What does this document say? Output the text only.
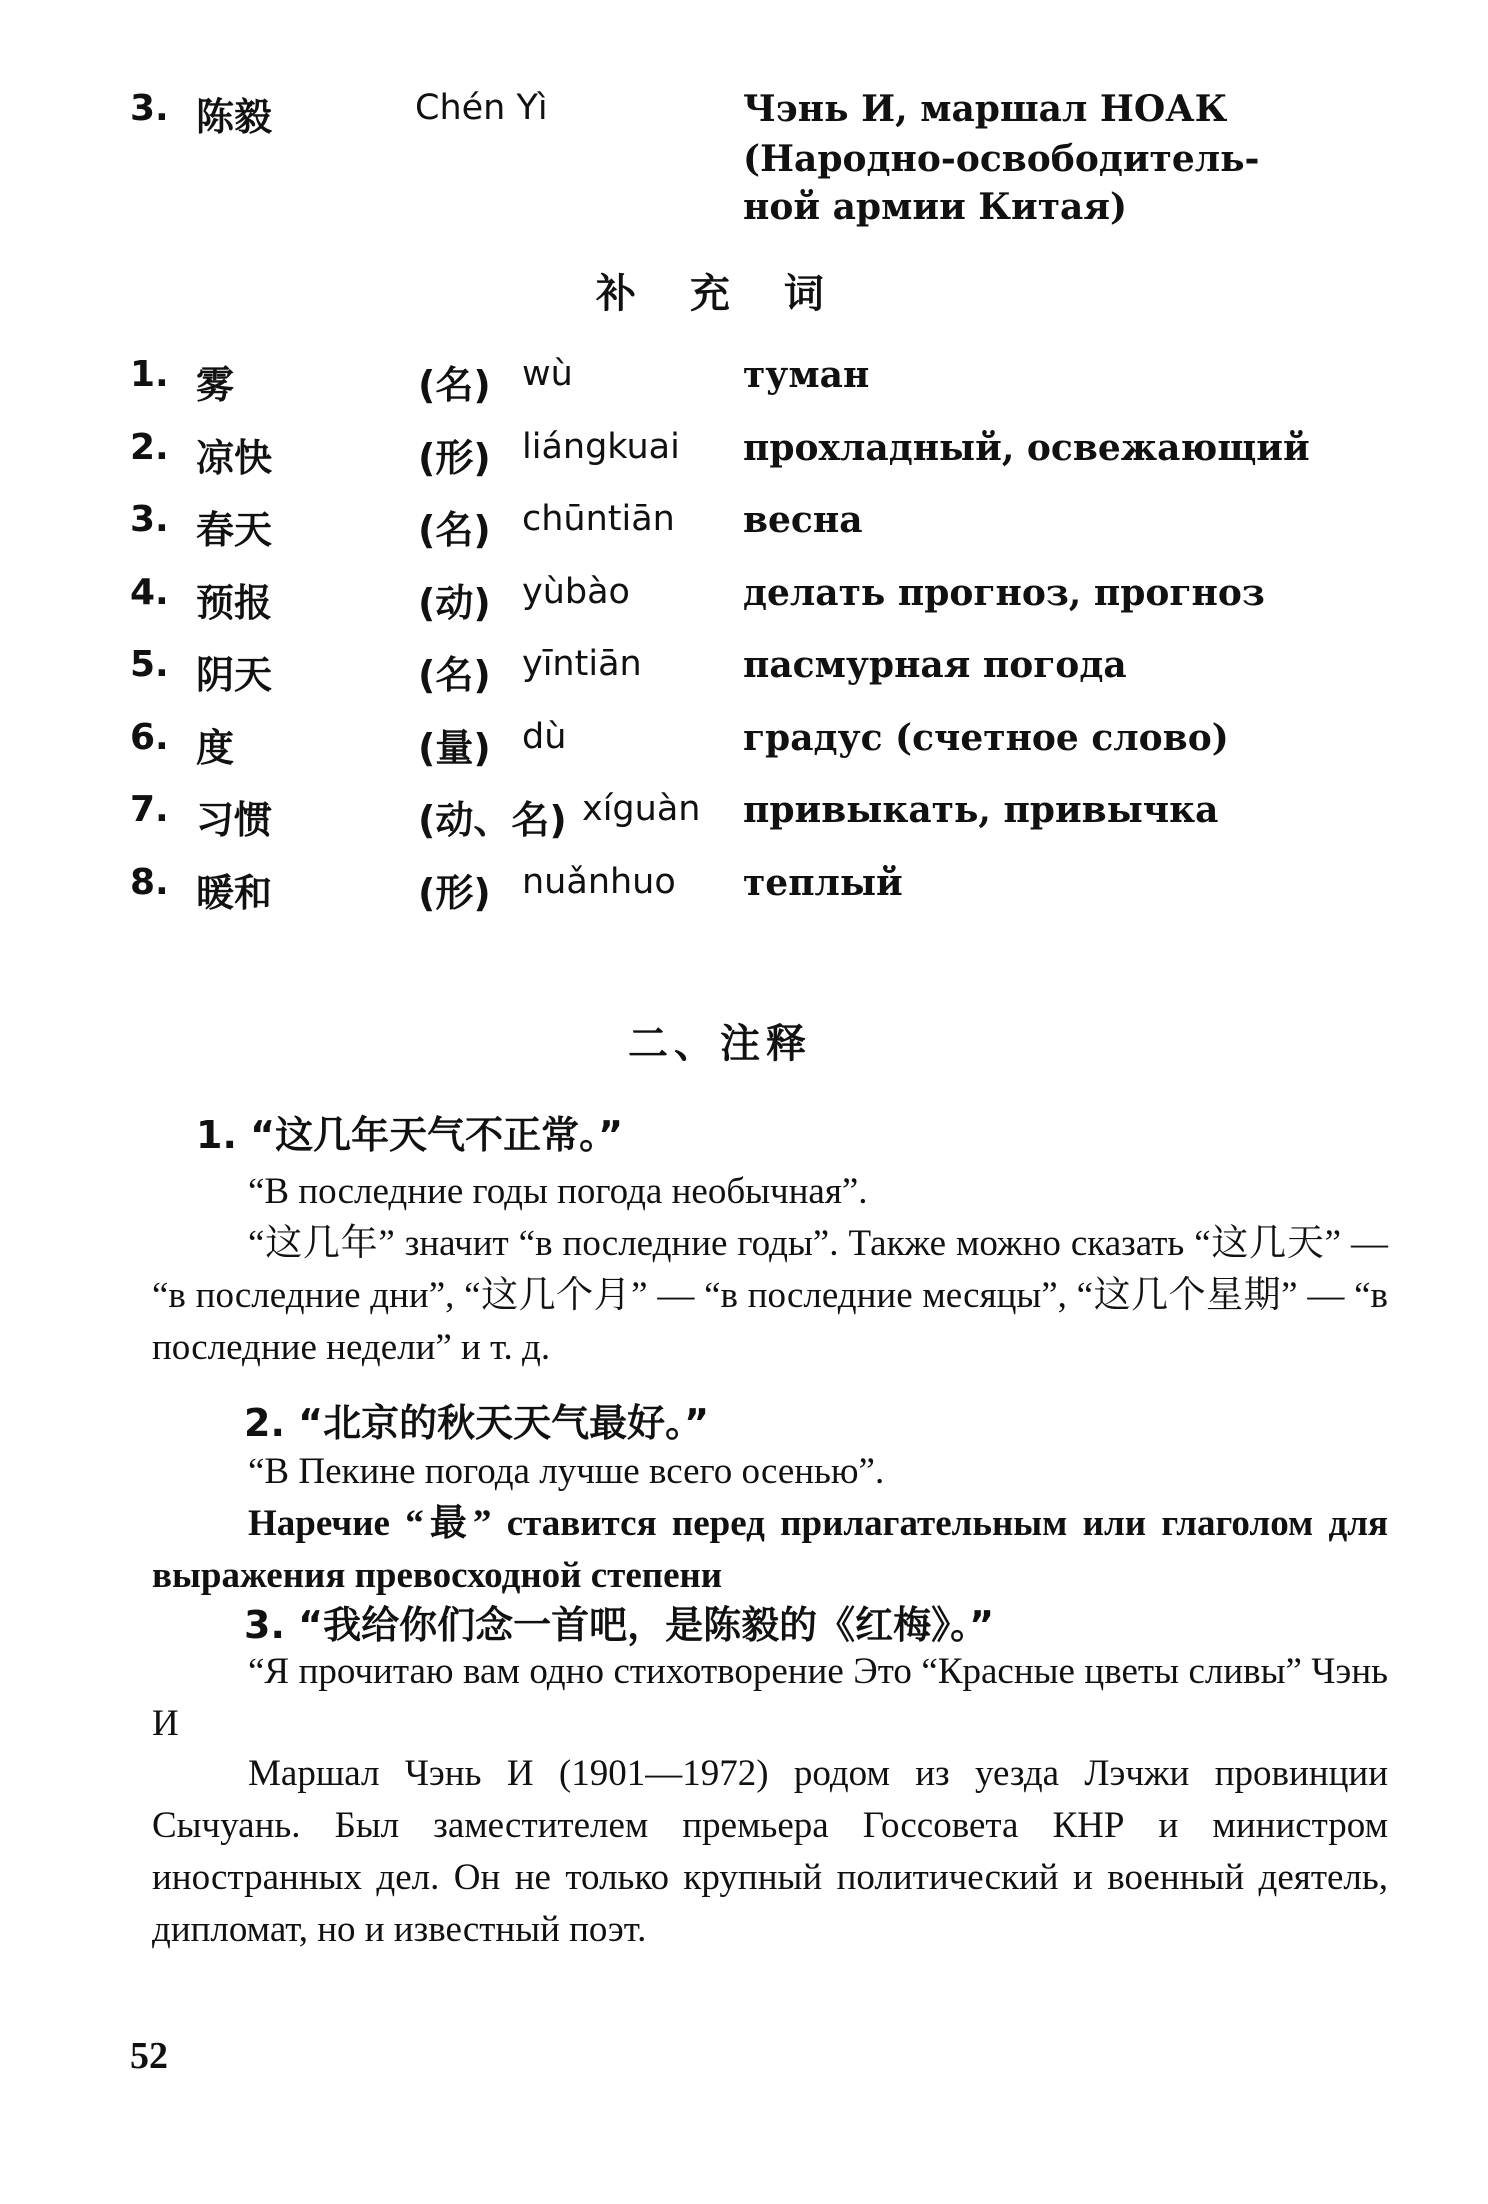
3. 陈毅	Chén Yì	Чэнь И, маршал НОАК
(Народно-освободитель-
ной армии Китая)
补 充 词
1. 雾	(名) wù	туман
2. 凉快	(形) liángkuai прохладный, освежающий
3. 春天	(名) chūntiān весна
4. 预报	(动) yùbào	делать прогноз, прогноз
5. 阴天	(名) yīntiān	пасмурная погода
6. 度	(量) dù	градус (счетное слово)
7. 习惯	(动、名) xíguàn привыкать, привычка
8. 暖和	(形) nuǎnhuo теплый
二、注释
1. “这几年天气不正常。”
“В последние годы погода необычная”.
“这几年” значит “в последние годы”. Также можно сказать “这几天” — “в последние дни”, “这几个月” — “в последние месяцы”, “这几个星期” — “в последние недели” и т. д.
2. “北京的秋天天气最好。”
“В Пекине погода лучше всего осенью”.
Наречие “最” ставится перед прилагательным или глаголом для выражения превосходной степени
3. “我给你们念一首吧，是陈毅的《红梅》。”
“Я прочитаю вам одно стихотворение Это “Красные цветы сливы” Чэнь И
Маршал Чэнь И (1901—1972) родом из уезда Лэчжи провинции Сычуань. Был заместителем премьера Госсовета КНР и министром иностранных дел. Он не только крупный политический и военный деятель, дипломат, но и известный поэт.
52
